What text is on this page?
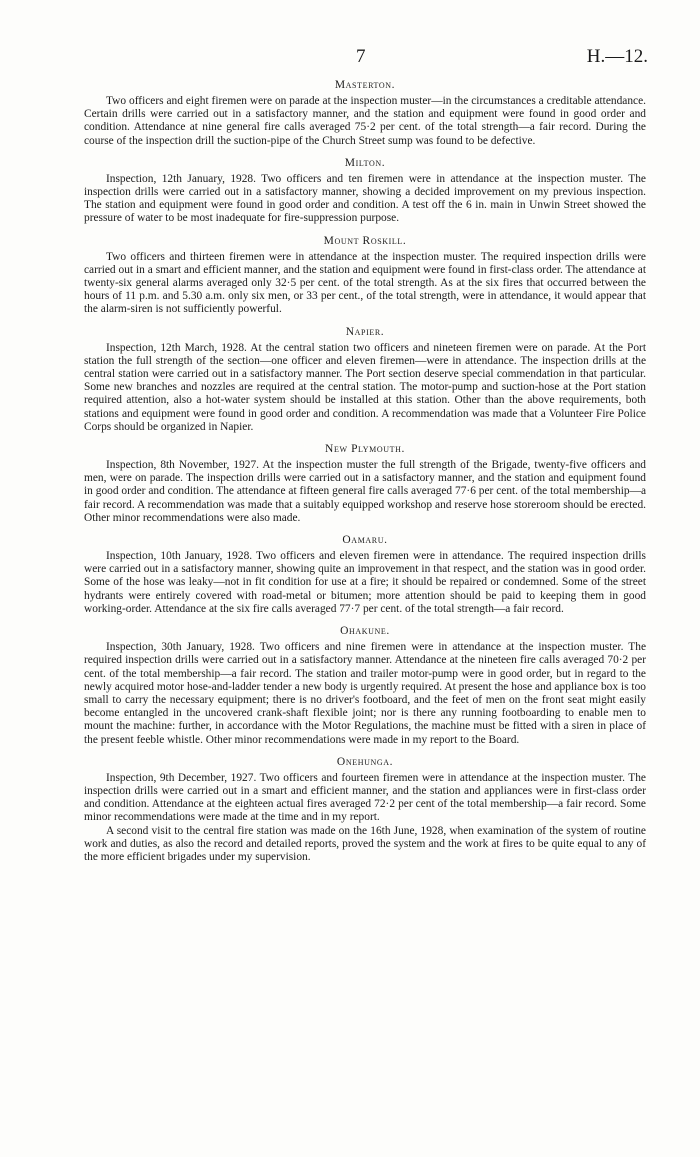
7	H.—12.
Masterton.

Two officers and eight firemen were on parade at the inspection muster—in the circumstances a creditable attendance. Certain drills were carried out in a satisfactory manner, and the station and equipment were found in good order and condition. Attendance at nine general fire calls averaged 75·2 per cent. of the total strength—a fair record. During the course of the inspection drill the suction-pipe of the Church Street sump was found to be defective.

Milton.

Inspection, 12th January, 1928. Two officers and ten firemen were in attendance at the inspection muster. The inspection drills were carried out in a satisfactory manner, showing a decided improvement on my previous inspection. The station and equipment were found in good order and condition. A test off the 6 in. main in Unwin Street showed the pressure of water to be most inadequate for fire-suppression purpose.

Mount Roskill.

Two officers and thirteen firemen were in attendance at the inspection muster. The required inspection drills were carried out in a smart and efficient manner, and the station and equipment were found in first-class order. The attendance at twenty-six general alarms averaged only 32·5 per cent. of the total strength. As at the six fires that occurred between the hours of 11 p.m. and 5.30 a.m. only six men, or 33 per cent., of the total strength, were in attendance, it would appear that the alarm-siren is not sufficiently powerful.

Napier.

Inspection, 12th March, 1928. At the central station two officers and nineteen firemen were on parade. At the Port station the full strength of the section—one officer and eleven firemen—were in attendance. The inspection drills at the central station were carried out in a satisfactory manner. The Port section deserve special commendation in that particular. Some new branches and nozzles are required at the central station. The motor-pump and suction-hose at the Port station required attention, also a hot-water system should be installed at this station. Other than the above requirements, both stations and equipment were found in good order and condition. A recommendation was made that a Volunteer Fire Police Corps should be organized in Napier.

New Plymouth.

Inspection, 8th November, 1927. At the inspection muster the full strength of the Brigade, twenty-five officers and men, were on parade. The inspection drills were carried out in a satisfactory manner, and the station and equipment found in good order and condition. The attendance at fifteen general fire calls averaged 77·6 per cent. of the total membership—a fair record. A recommendation was made that a suitably equipped workshop and reserve hose storeroom should be erected. Other minor recommendations were also made.

Oamaru.

Inspection, 10th January, 1928. Two officers and eleven firemen were in attendance. The required inspection drills were carried out in a satisfactory manner, showing quite an improvement in that respect, and the station was in good order. Some of the hose was leaky—not in fit condition for use at a fire; it should be repaired or condemned. Some of the street hydrants were entirely covered with road-metal or bitumen; more attention should be paid to keeping them in good working-order. Attendance at the six fire calls averaged 77·7 per cent. of the total strength—a fair record.

Ohakune.

Inspection, 30th January, 1928. Two officers and nine firemen were in attendance at the inspection muster. The required inspection drills were carried out in a satisfactory manner. Attendance at the nineteen fire calls averaged 70·2 per cent. of the total membership—a fair record. The station and trailer motor-pump were in good order, but in regard to the newly acquired motor hose-and-ladder tender a new body is urgently required. At present the hose and appliance box is too small to carry the necessary equipment; there is no driver's footboard, and the feet of men on the front seat might easily become entangled in the uncovered crank-shaft flexible joint; nor is there any running footboarding to enable men to mount the machine: further, in accordance with the Motor Regulations, the machine must be fitted with a siren in place of the present feeble whistle. Other minor recommendations were made in my report to the Board.

Onehunga.

Inspection, 9th December, 1927. Two officers and fourteen firemen were in attendance at the inspection muster. The inspection drills were carried out in a smart and efficient manner, and the station and appliances were in first-class order and condition. Attendance at the eighteen actual fires averaged 72·2 per cent of the total membership—a fair record. Some minor recommendations were made at the time and in my report.

A second visit to the central fire station was made on the 16th June, 1928, when examination of the system of routine work and duties, as also the record and detailed reports, proved the system and the work at fires to be quite equal to any of the more efficient brigades under my supervision.
